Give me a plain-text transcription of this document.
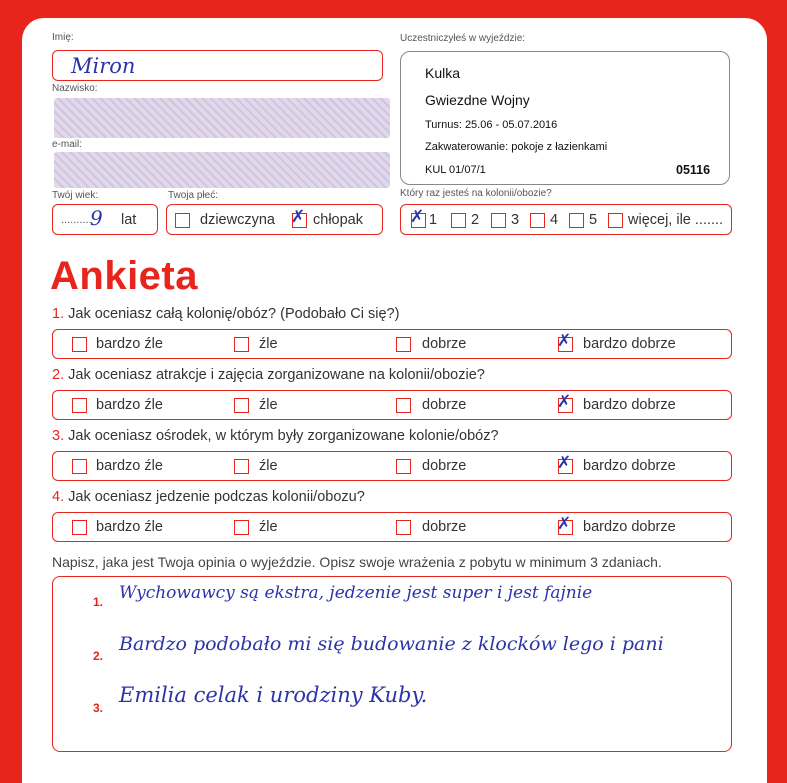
Imię:
Miron
Nazwisko:
e-mail:
Twój wiek:
..........
9 lat
Twoja płeć:
dziewczyna ✗ chłopak
Uczestniczyłeś w wyjeździe:
Kulka
Gwiezdne Wojny
Turnus: 25.06 - 05.07.2016
Zakwaterowanie: pokoje z łazienkami
KUL 01/07/1	05116
Który raz jesteś na kolonii/obozie?
✗ 1 2 3 4 5 więcej, ile .......
Ankieta
1. Jak oceniasz całą kolonię/obóz? (Podobało Ci się?)
bardzo źle	źle	dobrze	✗ bardzo dobrze
2. Jak oceniasz atrakcje i zajęcia zorganizowane na kolonii/obozie?
bardzo źle	źle	dobrze	✗ bardzo dobrze
3. Jak oceniasz ośrodek, w którym były zorganizowane kolonie/obóz?
bardzo źle	źle	dobrze	✗ bardzo dobrze
4. Jak oceniasz jedzenie podczas kolonii/obozu?
bardzo źle	źle	dobrze	✗ bardzo dobrze
Napisz, jaka jest Twoja opinia o wyjeździe. Opisz swoje wrażenia z pobytu w minimum 3 zdaniach.
1. Wychowawcy są ekstra, jedzenie jest super i jest fajnie
2.
Bardzo podobało mi się budowanie z klocków lego i pani
3.
Emilia celak i urodziny Kuby.
